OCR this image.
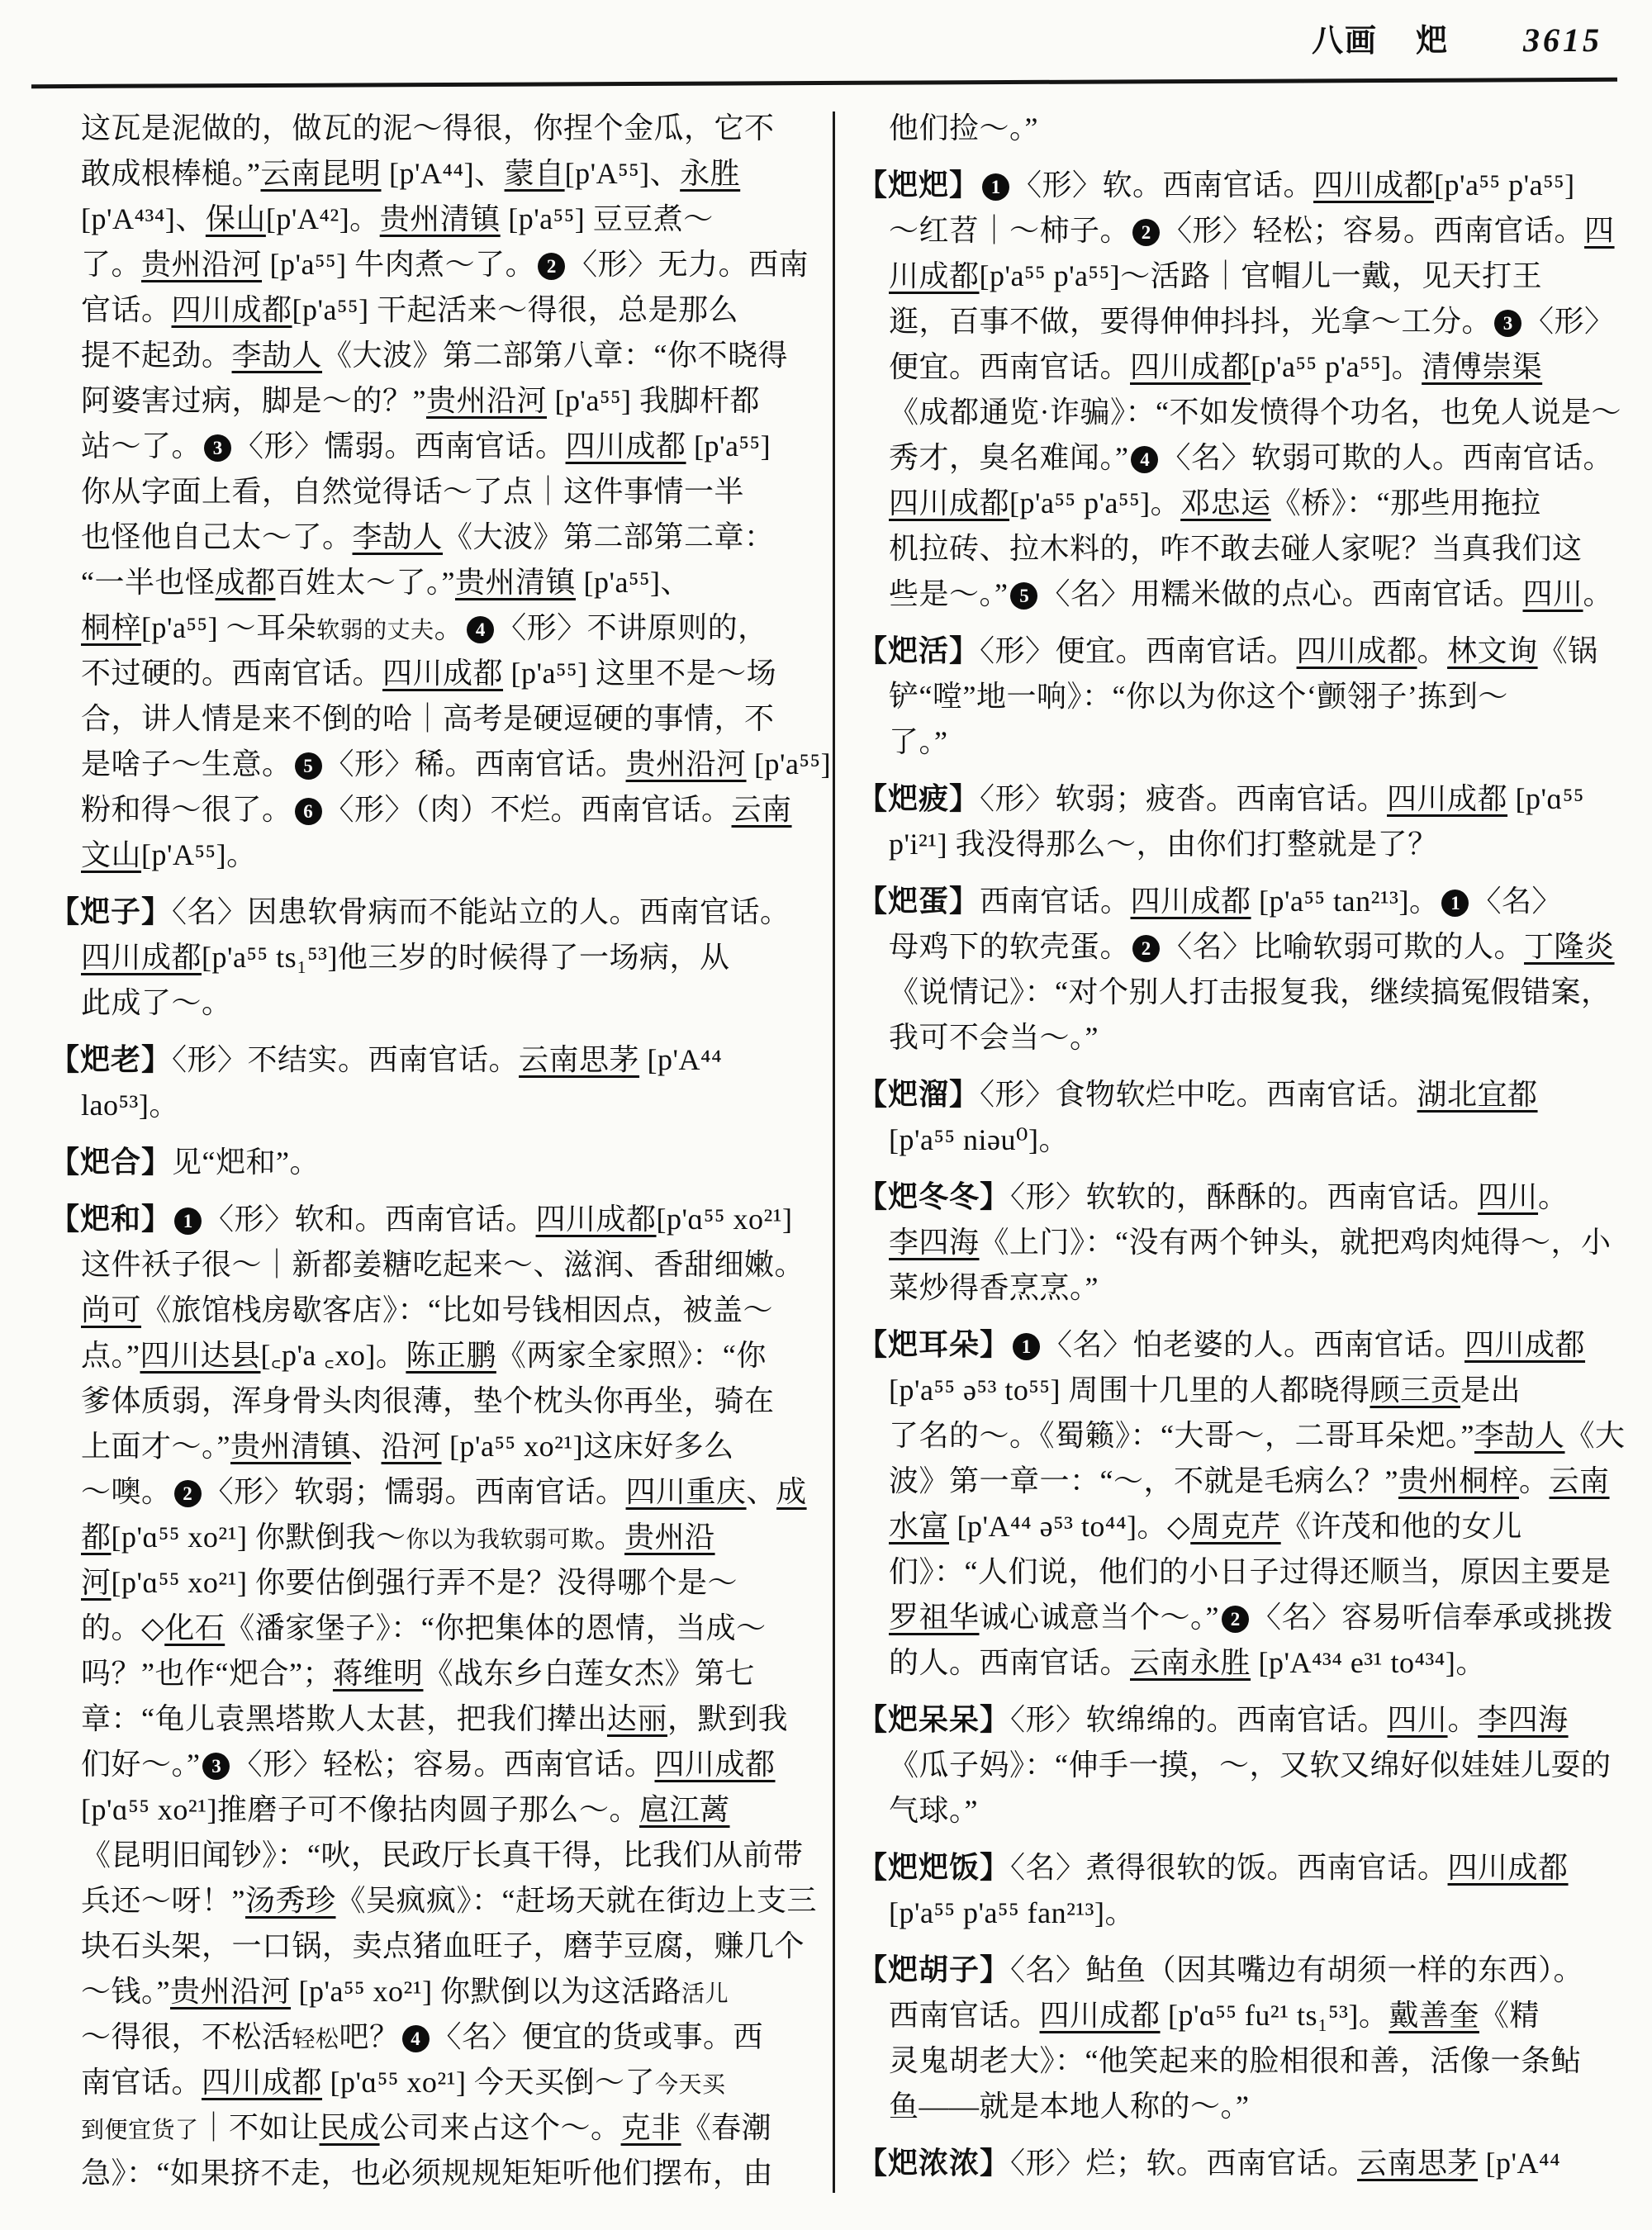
八画 𤆵 3615
这瓦是泥做的，做瓦的泥～得很，你捏个金瓜，它不
敢成根棒槌。”云南昆明 [p'A⁴⁴]、蒙自[p'A⁵⁵]、永胜
[p'A⁴³⁴]、保山[p'A⁴²]。贵州清镇 [p'a⁵⁵] 豆豆煮～
了。贵州沿河 [p'a⁵⁵] 牛肉煮～了。 2 〈形〉无力。西南
官话。四川成都[p'a⁵⁵] 干起活来～得很，总是那么
提不起劲。李劼人《大波》第二部第八章：“你不晓得
阿婆害过病，脚是～的？”贵州沿河 [p'a⁵⁵] 我脚杆都
站～了。 3 〈形〉懦弱。西南官话。四川成都 [p'a⁵⁵]
你从字面上看，自然觉得话～了点｜这件事情一半
也怪他自己太～了。李劼人《大波》第二部第二章：
“一半也怪成都百姓太～了。”贵州清镇 [p'a⁵⁵]、
桐梓[p'a⁵⁵] ～耳朵软弱的丈夫。 4 〈形〉不讲原则的，
不过硬的。西南官话。四川成都 [p'a⁵⁵] 这里不是～场
合，讲人情是来不倒的哈｜高考是硬逗硬的事情，不
是啥子～生意。 5 〈形〉稀。西南官话。贵州沿河 [p'a⁵⁵]
粉和得～很了。 6 〈形〉（肉）不烂。西南官话。云南
文山[p'A⁵⁵]。
【𤆵子】〈名〉因患软骨病而不能站立的人。西南官话。
四川成都[p'a⁵⁵ ts₁⁵³]他三岁的时候得了一场病，从
此成了～。
【𤆵老】〈形〉不结实。西南官话。云南思茅 [p'A⁴⁴
lao⁵³]。
【𤆵合】见“𤆵和”。
【𤆵和】 1 〈形〉软和。西南官话。四川成都[p'ɑ⁵⁵ xo²¹]
这件袄子很～｜新都姜糖吃起来～、滋润、香甜细嫩。
尚可《旅馆栈房歇客店》：“比如号钱相因点，被盖～
点。”四川达县[꜀p'a ꜀xo]。陈正鹏《两家全家照》：“你
爹体质弱，浑身骨头肉很薄，垫个枕头你再坐，骑在
上面才～。”贵州清镇、沿河 [p'a⁵⁵ xo²¹]这床好多么
～噢。 2 〈形〉软弱；懦弱。西南官话。四川重庆、成
都[p'ɑ⁵⁵ xo²¹] 你默倒我～你以为我软弱可欺。贵州沿
河[p'ɑ⁵⁵ xo²¹] 你要估倒强行弄不是？没得哪个是～
的。◇化石《潘家堡子》：“你把集体的恩情，当成～
吗？”也作“𤆵合”；蒋维明《战东乡白莲女杰》第七
章：“龟儿袁黑塔欺人太甚，把我们撵出达丽，默到我
们好～。” 3 〈形〉轻松；容易。西南官话。四川成都
[p'ɑ⁵⁵ xo²¹]推磨子可不像拈肉圆子那么～。扈江蓠
《昆明旧闻钞》：“吙，民政厅长真干得，比我们从前带
兵还～呀！”汤秀珍《吴疯疯》：“赶场天就在街边上支三
块石头架，一口锅，卖点猪血旺子，磨芋豆腐，赚几个
～钱。”贵州沿河 [p'a⁵⁵ xo²¹] 你默倒以为这活路活儿
～得很，不松活轻松吧？ 4 〈名〉便宜的货或事。西
南官话。四川成都 [p'ɑ⁵⁵ xo²¹] 今天买倒～了今天买
到便宜货了｜不如让民成公司来占这个～。克非《春潮
急》：“如果挤不走，也必须规规矩矩听他们摆布，由
他们捡～。”
【𤆵𤆵】 1 〈形〉软。西南官话。四川成都[p'a⁵⁵ p'a⁵⁵]
～红苕｜～柿子。 2 〈形〉轻松；容易。西南官话。四
川成都[p'a⁵⁵ p'a⁵⁵]～活路｜官帽儿一戴，见天打王
逛，百事不做，要得伸伸抖抖，光拿～工分。 3 〈形〉
便宜。西南官话。四川成都[p'a⁵⁵ p'a⁵⁵]。清傅崇渠
《成都通览·诈骗》：“不如发愤得个功名，也免人说是～
秀才，臭名难闻。” 4 〈名〉软弱可欺的人。西南官话。
四川成都[p'a⁵⁵ p'a⁵⁵]。邓忠运《桥》：“那些用拖拉
机拉砖、拉木料的，咋不敢去碰人家呢？当真我们这
些是～。” 5 〈名〉用糯米做的点心。西南官话。四川。
【𤆵活】〈形〉便宜。西南官话。四川成都。林文询《锅
铲“嘡”地一响》：“你以为你这个‘颤翎子’拣到～
了。”
【𤆵疲】〈形〉软弱；疲沓。西南官话。四川成都 [p'ɑ⁵⁵
p'i²¹] 我没得那么～，由你们打整就是了？
【𤆵蛋】西南官话。四川成都 [p'a⁵⁵ tan²¹³]。 1 〈名〉
母鸡下的软壳蛋。 2 〈名〉比喻软弱可欺的人。丁隆炎
《说情记》：“对个别人打击报复我，继续搞冤假错案，
我可不会当～。”
【𤆵溜】〈形〉食物软烂中吃。西南官话。湖北宜都
[p'a⁵⁵ niəu⁰]。
【𤆵冬冬】〈形〉软软的，酥酥的。西南官话。四川。
李四海《上门》：“没有两个钟头，就把鸡肉炖得～，小
菜炒得香烹烹。”
【𤆵耳朵】 1 〈名〉怕老婆的人。西南官话。四川成都
[p'a⁵⁵ ə⁵³ to⁵⁵] 周围十几里的人都晓得顾三贡是出
了名的～。《蜀籁》：“大哥～，二哥耳朵𤆵。”李劼人《大
波》第一章一：“～，不就是毛病么？”贵州桐梓。云南
水富 [p'A⁴⁴ ə⁵³ to⁴⁴]。◇周克芹《许茂和他的女儿
们》：“人们说，他们的小日子过得还顺当，原因主要是
罗祖华诚心诚意当个～。” 2 〈名〉容易听信奉承或挑拨
的人。西南官话。云南永胜 [p'A⁴³⁴ e³¹ to⁴³⁴]。
【𤆵呆呆】〈形〉软绵绵的。西南官话。四川。李四海
《瓜子妈》：“伸手一摸，～，又软又绵好似娃娃儿耍的
气球。”
【𤆵𤆵饭】〈名〉煮得很软的饭。西南官话。四川成都
[p'a⁵⁵ p'a⁵⁵ fan²¹³]。
【𤆵胡子】〈名〉鲇鱼（因其嘴边有胡须一样的东西）。
西南官话。四川成都 [p'ɑ⁵⁵ fu²¹ ts₁⁵³]。戴善奎《精
灵鬼胡老大》：“他笑起来的脸相很和善，活像一条鲇
鱼——就是本地人称的～。”
【𤆵浓浓】〈形〉烂；软。西南官话。云南思茅 [p'A⁴⁴
